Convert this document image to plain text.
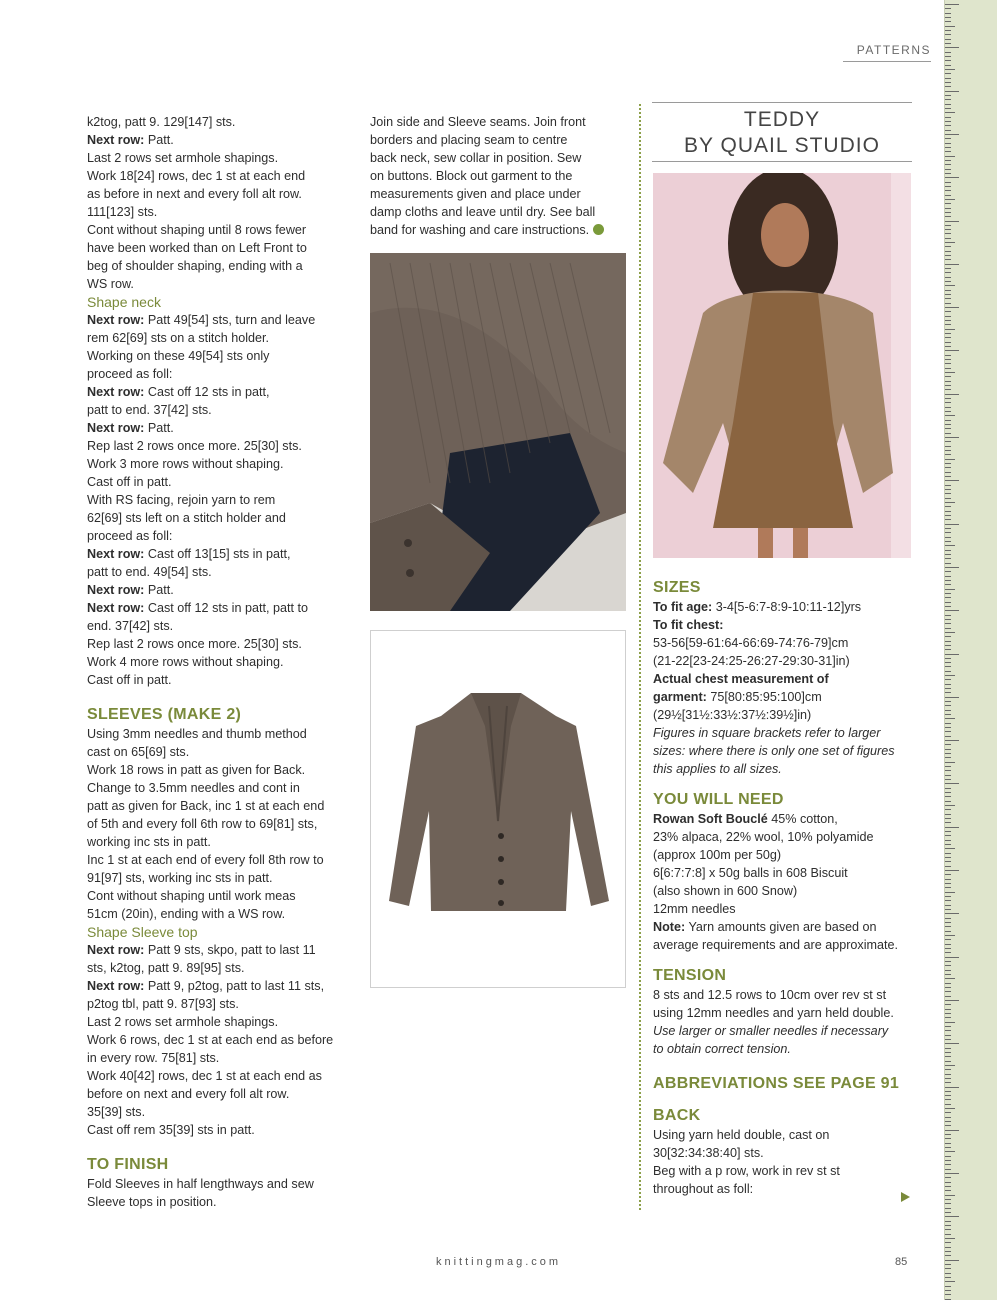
PATTERNS
k2tog, patt 9. 129[147] sts.
Next row: Patt.
Last 2 rows set armhole shapings.
Work 18[24] rows, dec 1 st at each end
as before in next and every foll alt row.
111[123] sts.
Cont without shaping until 8 rows fewer
have been worked than on Left Front to
beg of shoulder shaping, ending with a
WS row.
Shape neck
Next row: Patt 49[54] sts, turn and leave
rem 62[69] sts on a stitch holder.
Working on these 49[54] sts only
proceed as foll:
Next row: Cast off 12 sts in patt,
patt to end. 37[42] sts.
Next row: Patt.
Rep last 2 rows once more. 25[30] sts.
Work 3 more rows without shaping.
Cast off in patt.
With RS facing, rejoin yarn to rem
62[69] sts left on a stitch holder and
proceed as foll:
Next row: Cast off 13[15] sts in patt,
patt to end. 49[54] sts.
Next row: Patt.
Next row: Cast off 12 sts in patt, patt to
end. 37[42] sts.
Rep last 2 rows once more. 25[30] sts.
Work 4 more rows without shaping.
Cast off in patt.
SLEEVES (MAKE 2)
Using 3mm needles and thumb method
cast on 65[69] sts.
Work 18 rows in patt as given for Back.
Change to 3.5mm needles and cont in
patt as given for Back, inc 1 st at each end
of 5th and every foll 6th row to 69[81] sts,
working inc sts in patt.
Inc 1 st at each end of every foll 8th row to
91[97] sts, working inc sts in patt.
Cont without shaping until work meas
51cm (20in), ending with a WS row.
Shape Sleeve top
Next row: Patt 9 sts, skpo, patt to last 11
sts, k2tog, patt 9. 89[95] sts.
Next row: Patt 9, p2tog, patt to last 11 sts,
p2tog tbl, patt 9. 87[93] sts.
Last 2 rows set armhole shapings.
Work 6 rows, dec 1 st at each end as before
in every row. 75[81] sts.
Work 40[42] rows, dec 1 st at each end as
before on next and every foll alt row.
35[39] sts.
Cast off rem 35[39] sts in patt.
TO FINISH
Fold Sleeves in half lengthways and sew
Sleeve tops in position.
Join side and Sleeve seams. Join front
borders and placing seam to centre
back neck, sew collar in position. Sew
on buttons. Block out garment to the
measurements given and place under
damp cloths and leave until dry. See ball
band for washing and care instructions.
TEDDY
BY QUAIL STUDIO
SIZES
To fit age: 3-4[5-6:7-8:9-10:11-12]yrs
To fit chest:
53-56[59-61:64-66:69-74:76-79]cm
(21-22[23-24:25-26:27-29:30-31]in)
Actual chest measurement of
garment: 75[80:85:95:100]cm
(29½[31½:33½:37½:39½]in)
Figures in square brackets refer to larger
sizes: where there is only one set of figures
this applies to all sizes.
YOU WILL NEED
Rowan Soft Bouclé 45% cotton,
23% alpaca, 22% wool, 10% polyamide
(approx 100m per 50g)
6[6:7:7:8] x 50g balls in 608 Biscuit
(also shown in 600 Snow)
12mm needles
Note: Yarn amounts given are based on
average requirements and are approximate.
TENSION
8 sts and 12.5 rows to 10cm over rev st st
using 12mm needles and yarn held double.
Use larger or smaller needles if necessary
to obtain correct tension.
ABBREVIATIONS SEE PAGE 91
BACK
Using yarn held double, cast on
30[32:34:38:40] sts.
Beg with a p row, work in rev st st
throughout as foll:
knittingmag.com	85
